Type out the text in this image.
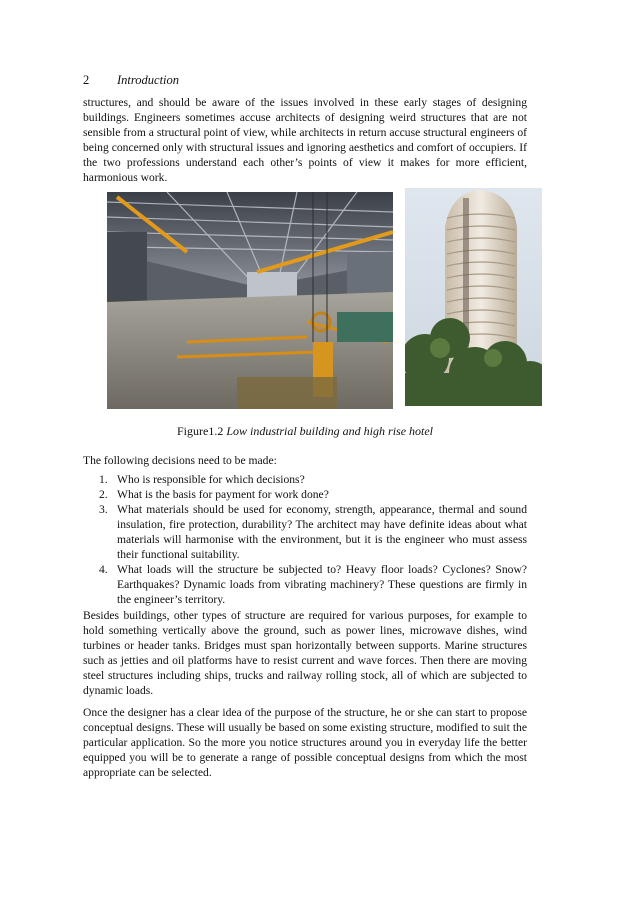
2 Introduction

structures, and should be aware of the issues involved in these early stages of designing buildings. Engineers sometimes accuse architects of designing weird structures that are not sensible from a structural point of view, while architects in return accuse structural engineers of being concerned only with structural issues and ignoring aesthetics and comfort of occupiers. If the two professions understand each other’s points of view it makes for more efficient, harmonious work.

Figure1.2 Low industrial building and high rise hotel

The following decisions need to be made:

1. Who is responsible for which decisions?
2. What is the basis for payment for work done?
3. What materials should be used for economy, strength, appearance, thermal and sound insulation, fire protection, durability? The architect may have definite ideas about what materials will harmonise with the environment, but it is the engineer who must assess their functional suitability.
4. What loads will the structure be subjected to? Heavy floor loads? Cyclones? Snow? Earthquakes? Dynamic loads from vibrating machinery? These questions are firmly in the engineer’s territory.

Besides buildings, other types of structure are required for various purposes, for example to hold something vertically above the ground, such as power lines, microwave dishes, wind turbines or header tanks. Bridges must span horizontally between supports. Marine structures such as jetties and oil platforms have to resist current and wave forces. Then there are moving steel structures including ships, trucks and railway rolling stock, all of which are subjected to dynamic loads.

Once the designer has a clear idea of the purpose of the structure, he or she can start to propose conceptual designs. These will usually be based on some existing structure, modified to suit the particular application. So the more you notice structures around you in everyday life the better equipped you will be to generate a range of possible conceptual designs from which the most appropriate can be selected.
